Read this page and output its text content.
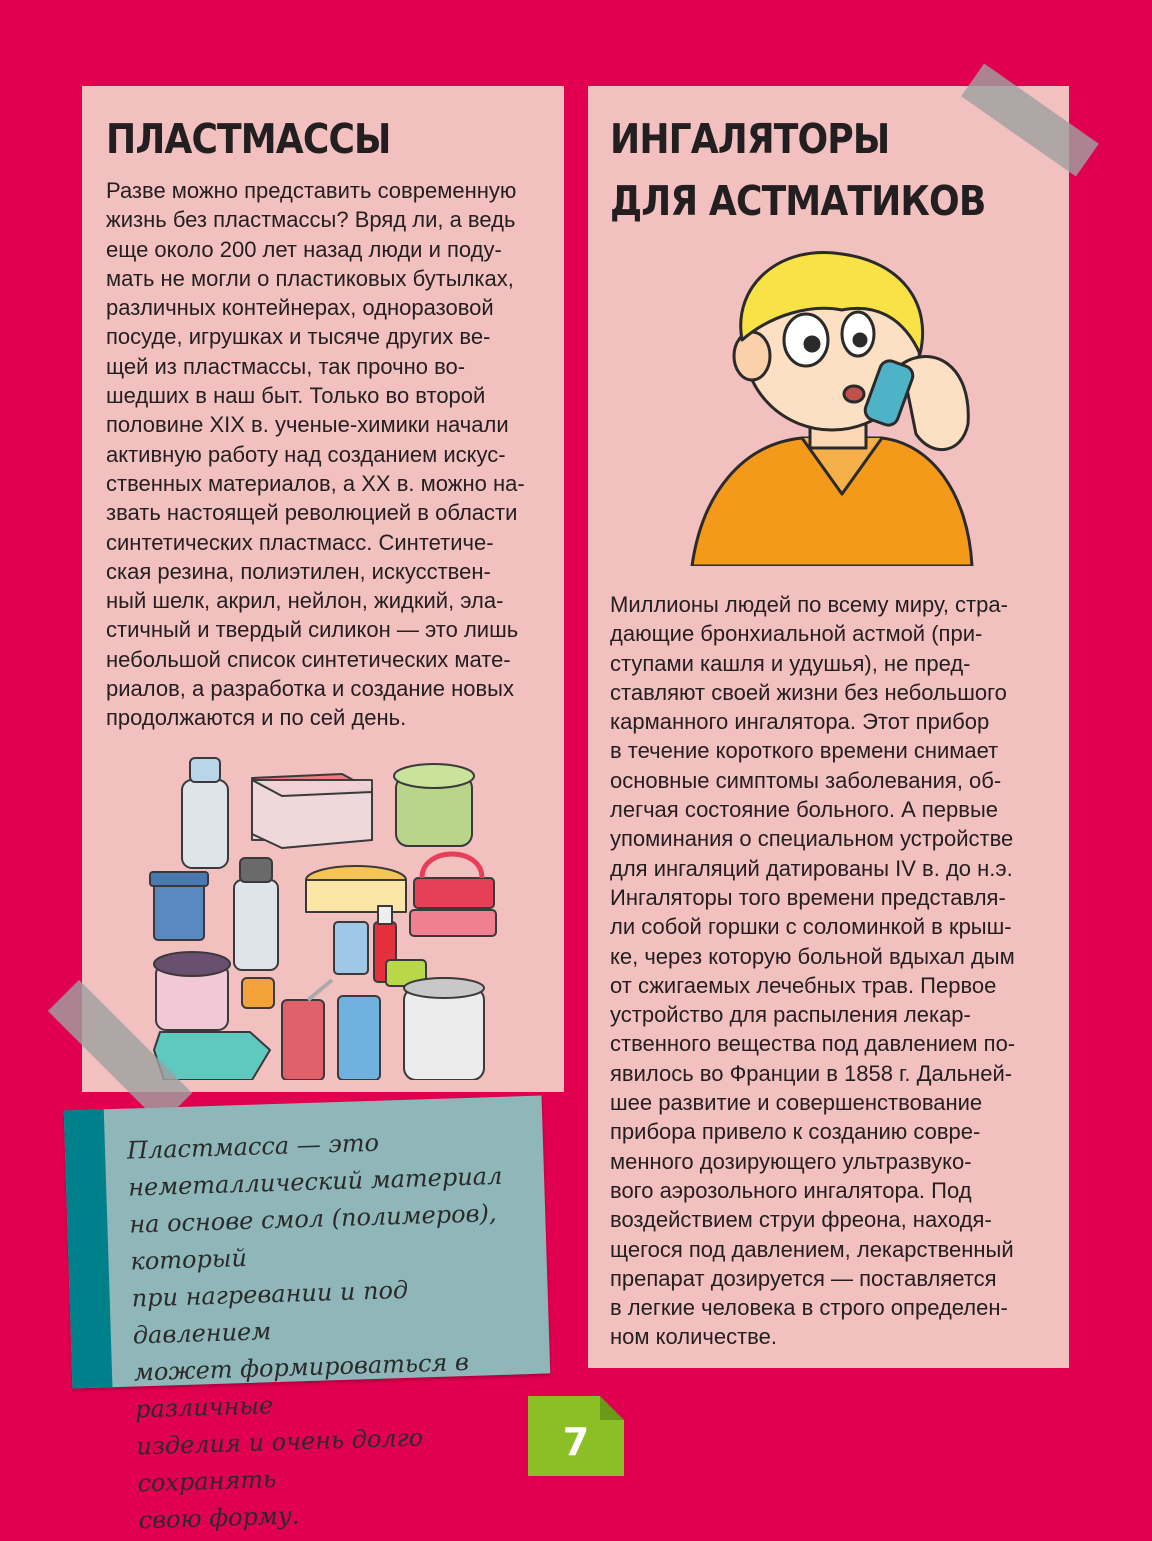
ПЛАСТМАССЫ

Разве можно представить современную
жизнь без пластмассы? Вряд ли, а ведь
еще около 200 лет назад люди и поду-
мать не могли о пластиковых бутылках,
различных контейнерах, одноразовой
посуде, игрушках и тысяче других ве-
щей из пластмассы, так прочно во-
шедших в наш быт. Только во второй
половине XIX в. ученые-химики начали
активную работу над созданием искус-
ственных материалов, а XX в. можно на-
звать настоящей революцией в области
синтетических пластмасс. Синтетиче-
ская резина, полиэтилен, искусствен-
ный шелк, акрил, нейлон, жидкий, эла-
стичный и твердый силикон — это лишь
небольшой список синтетических мате-
риалов, а разработка и создание новых
продолжаются и по сей день.

ИНГАЛЯТОРЫ
ДЛЯ АСТМАТИКОВ

Миллионы людей по всему миру, стра-
дающие бронхиальной астмой (при-
ступами кашля и удушья), не пред-
ставляют своей жизни без небольшого
карманного ингалятора. Этот прибор
в течение короткого времени снимает
основные симптомы заболевания, об-
легчая состояние больного. А первые
упоминания о специальном устройстве
для ингаляций датированы IV в. до н.э.
Ингаляторы того времени представля-
ли собой горшки с соломинкой в крыш-
ке, через которую больной вдыхал дым
от сжигаемых лечебных трав. Первое
устройство для распыления лекар-
ственного вещества под давлением по-
явилось во Франции в 1858 г. Дальней-
шее развитие и совершенствование
прибора привело к созданию совре-
менного дозирующего ультразвуко-
вого аэрозольного ингалятора. Под
воздействием струи фреона, находя-
щегося под давлением, лекарственный
препарат дозируется — поставляется
в легкие человека в строго определен-
ном количестве.

Пластмасса — это
неметаллический материал
на основе смол (полимеров), который
при нагревании и под давлением
может формироваться в различные
изделия и очень долго сохранять
свою форму.

7
